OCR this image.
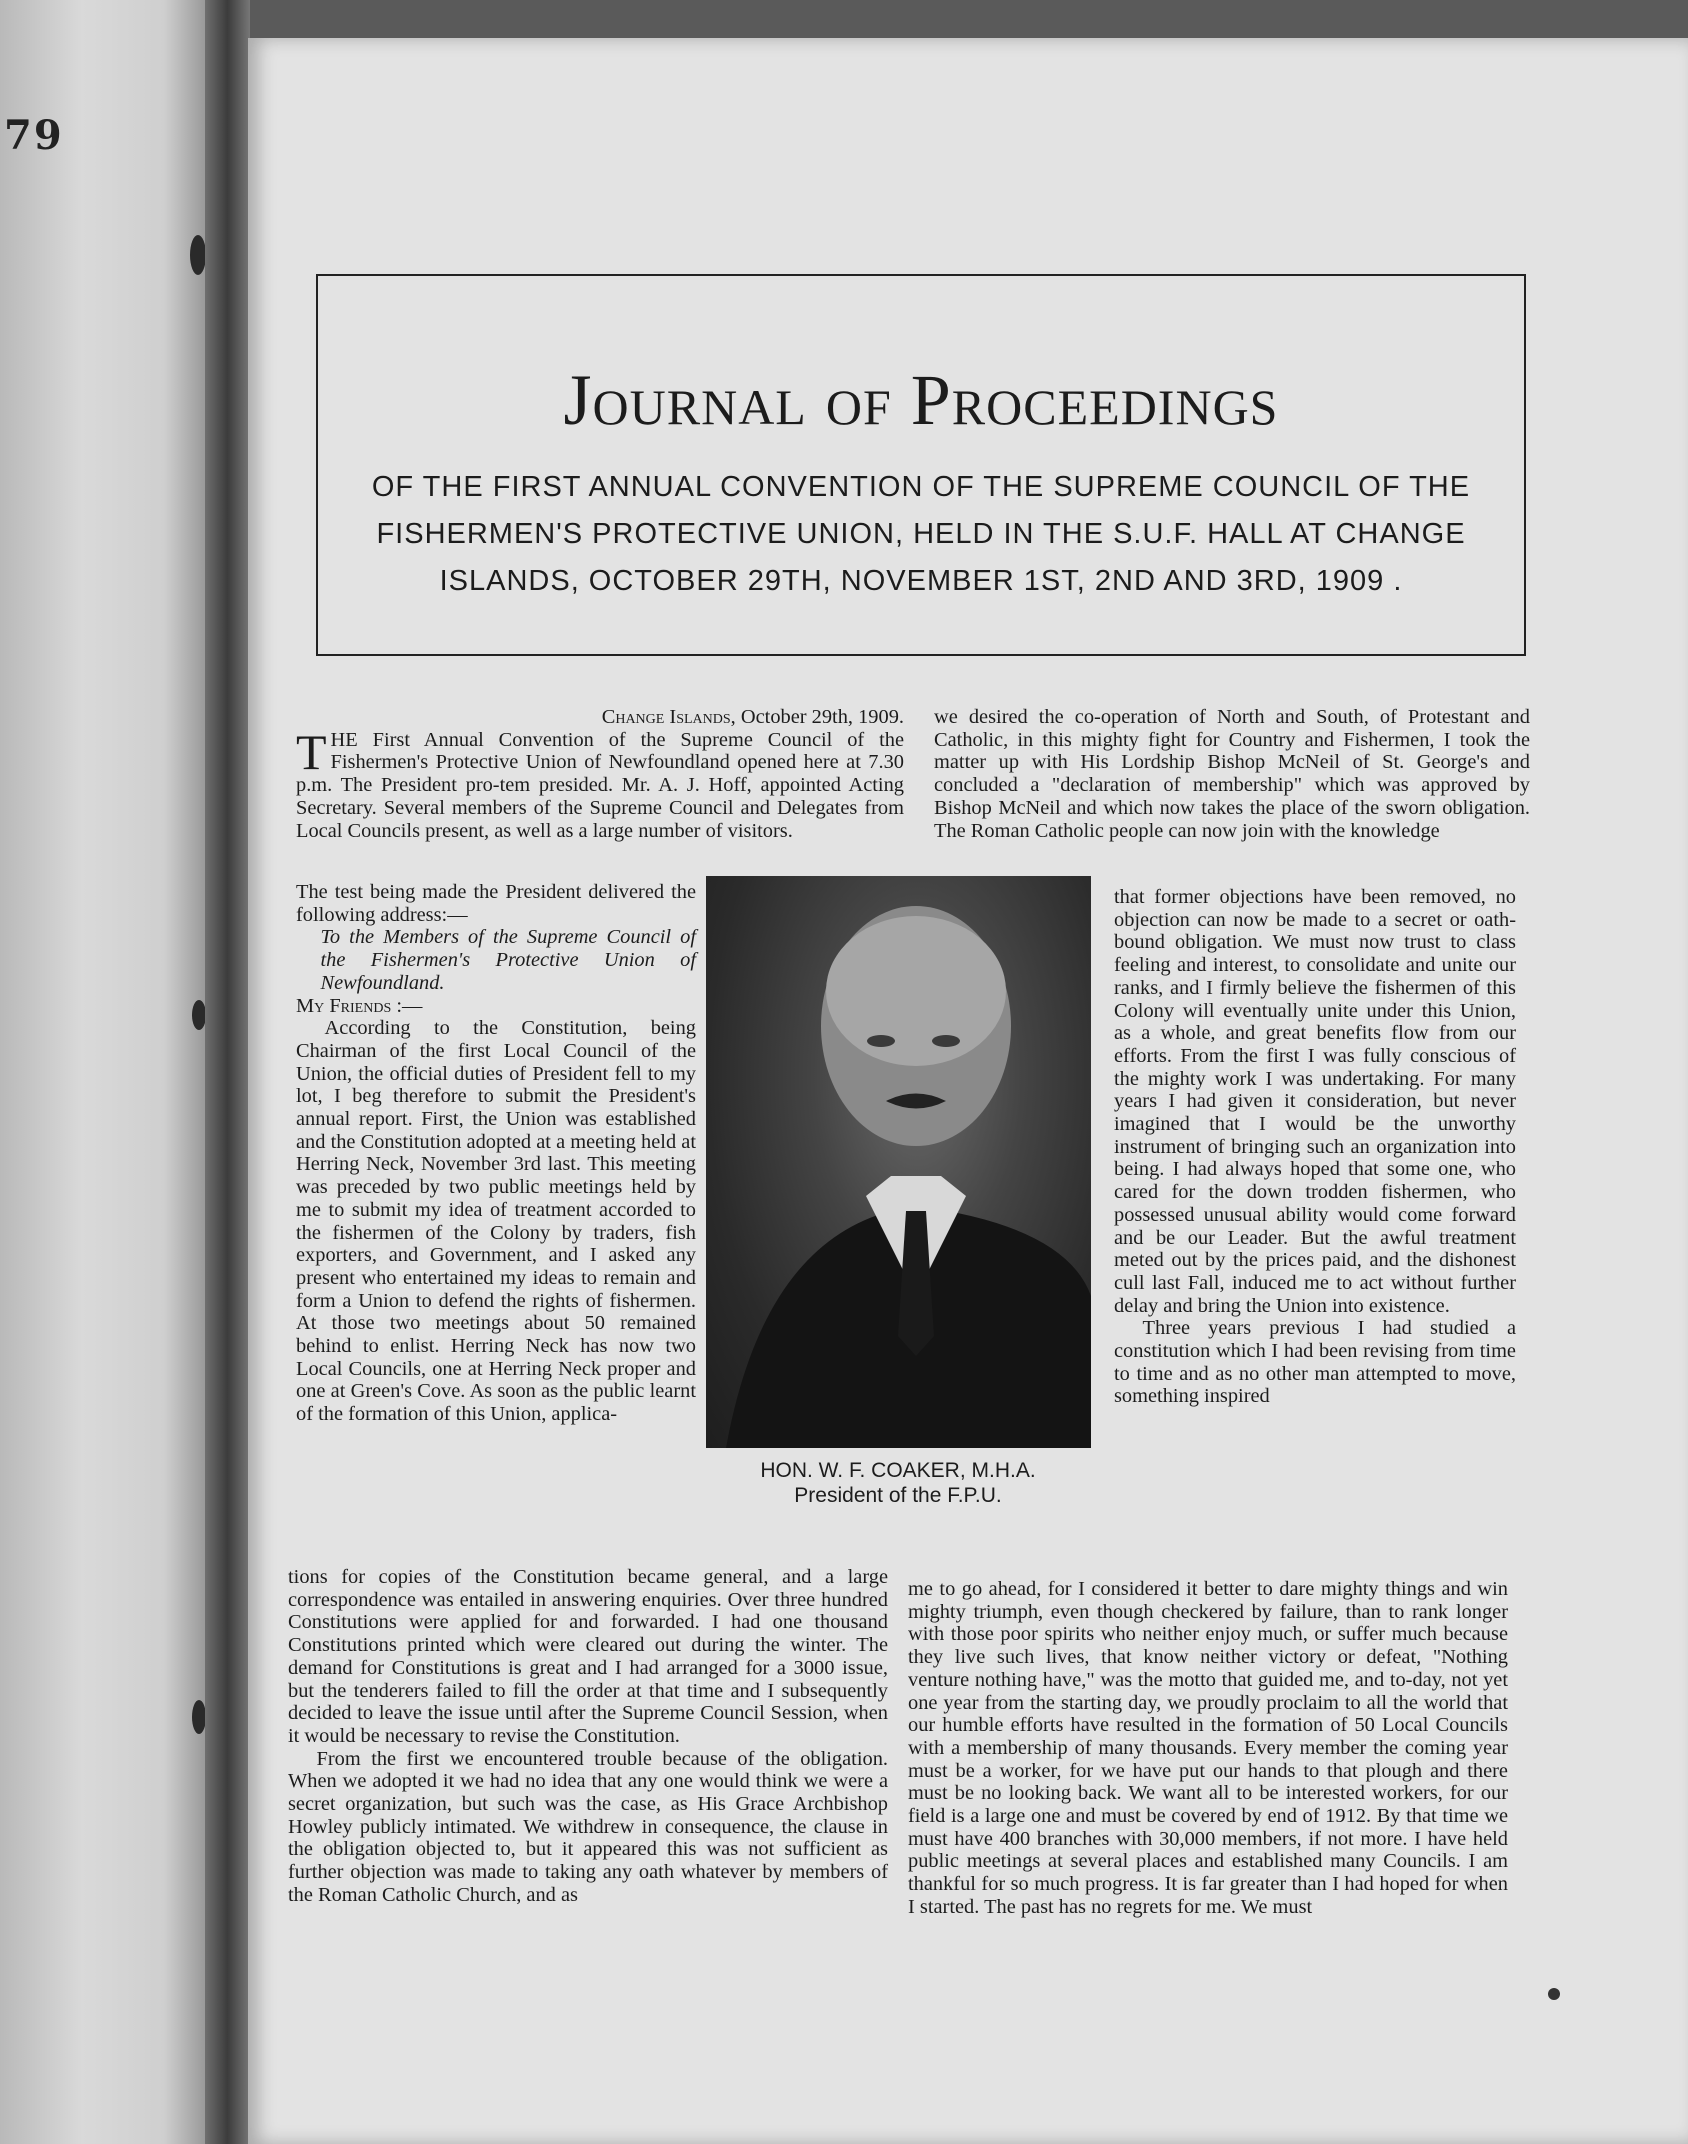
79
Journal of Proceedings
OF THE FIRST ANNUAL CONVENTION OF THE SUPREME COUNCIL OF THE FISHERMEN'S PROTECTIVE UNION, HELD IN THE S.U.F. HALL AT CHANGE ISLANDS, OCTOBER 29TH, NOVEMBER 1ST, 2ND AND 3RD, 1909 .
Change Islands, October 29th, 1909.

THE First Annual Convention of the Supreme Council of the Fishermen's Protective Union of Newfoundland opened here at 7.30 p.m. The President pro-tem presided. Mr. A. J. Hoff, appointed Acting Secretary. Several members of the Supreme Council and Delegates from Local Councils present, as well as a large number of visitors.

The test being made the President delivered the following address:—

To the Members of the Supreme Council of the Fishermen's Protective Union of Newfoundland.

My Friends :—

According to the Constitution, being Chairman of the first Local Council of the Union, the official duties of President fell to my lot, I beg therefore to submit the President's annual report. First, the Union was established and the Constitution adopted at a meeting held at Herring Neck, November 3rd last. This meeting was preceded by two public meetings held by me to submit my idea of treatment accorded to the fishermen of the Colony by traders, fish exporters, and Government, and I asked any present who entertained my ideas to remain and form a Union to defend the rights of fishermen. At those two meetings about 50 remained behind to enlist. Herring Neck has now two Local Councils, one at Herring Neck proper and one at Green's Cove. As soon as the public learnt of the formation of this Union, applica-

tions for copies of the Constitution became general, and a large correspondence was entailed in answering enquiries. Over three hundred Constitutions were applied for and forwarded. I had one thousand Constitutions printed which were cleared out during the winter. The demand for Constitutions is great and I had arranged for a 3000 issue, but the tenderers failed to fill the order at that time and I subsequently decided to leave the issue until after the Supreme Council Session, when it would be necessary to revise the Constitution.

From the first we encountered trouble because of the obligation. When we adopted it we had no idea that any one would think we were a secret organization, but such was the case, as His Grace Archbishop Howley publicly intimated. We withdrew in consequence, the clause in the obligation objected to, but it appeared this was not sufficient as further objection was made to taking any oath whatever by members of the Roman Catholic Church, and as

HON. W. F. COAKER, M.H.A.
President of the F.P.U.

we desired the co-operation of North and South, of Protestant and Catholic, in this mighty fight for Country and Fishermen, I took the matter up with His Lordship Bishop McNeil of St. George's and concluded a "declaration of membership" which was approved by Bishop McNeil and which now takes the place of the sworn obligation. The Roman Catholic people can now join with the knowledge

that former objections have been removed, no objection can now be made to a secret or oath-bound obligation. We must now trust to class feeling and interest, to consolidate and unite our ranks, and I firmly believe the fishermen of this Colony will eventually unite under this Union, as a whole, and great benefits flow from our efforts. From the first I was fully conscious of the mighty work I was undertaking. For many years I had given it consideration, but never imagined that I would be the unworthy instrument of bringing such an organization into being. I had always hoped that some one, who cared for the down trodden fishermen, who possessed unusual ability would come forward and be our Leader. But the awful treatment meted out by the prices paid, and the dishonest cull last Fall, induced me to act without further delay and bring the Union into existence.

Three years previous I had studied a constitution which I had been revising from time to time and as no other man attempted to move, something inspired

me to go ahead, for I considered it better to dare mighty things and win mighty triumph, even though checkered by failure, than to rank longer with those poor spirits who neither enjoy much, or suffer much because they live such lives, that know neither victory or defeat, "Nothing venture nothing have," was the motto that guided me, and to-day, not yet one year from the starting day, we proudly proclaim to all the world that our humble efforts have resulted in the formation of 50 Local Councils with a membership of many thousands. Every member the coming year must be a worker, for we have put our hands to that plough and there must be no looking back. We want all to be interested workers, for our field is a large one and must be covered by end of 1912. By that time we must have 400 branches with 30,000 members, if not more. I have held public meetings at several places and established many Councils. I am thankful for so much progress. It is far greater than I had hoped for when I started. The past has no regrets for me. We must
